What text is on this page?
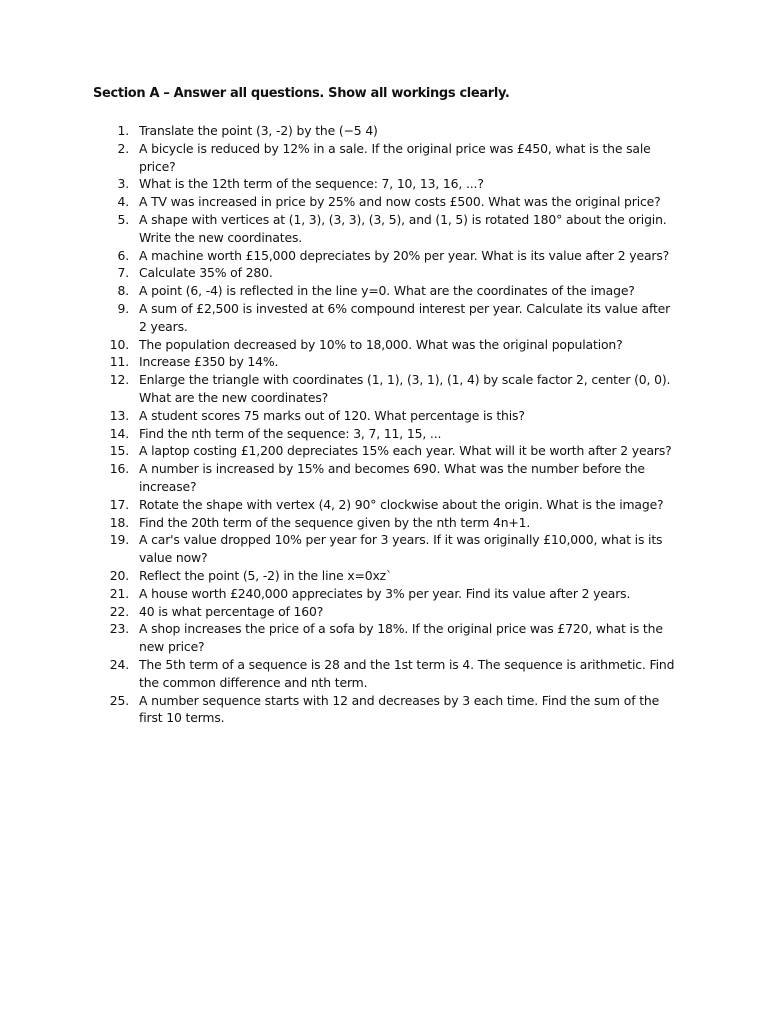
Section A – Answer all questions. Show all workings clearly.
1. Translate the point (3, -2) by the (−5 4)
2. A bicycle is reduced by 12% in a sale. If the original price was £450, what is the sale price?
3. What is the 12th term of the sequence: 7, 10, 13, 16, ...?
4. A TV was increased in price by 25% and now costs £500. What was the original price?
5. A shape with vertices at (1, 3), (3, 3), (3, 5), and (1, 5) is rotated 180° about the origin. Write the new coordinates.
6. A machine worth £15,000 depreciates by 20% per year. What is its value after 2 years?
7. Calculate 35% of 280.
8. A point (6, -4) is reflected in the line y=0. What are the coordinates of the image?
9. A sum of £2,500 is invested at 6% compound interest per year. Calculate its value after 2 years.
10. The population decreased by 10% to 18,000. What was the original population?
11. Increase £350 by 14%.
12. Enlarge the triangle with coordinates (1, 1), (3, 1), (1, 4) by scale factor 2, center (0, 0). What are the new coordinates?
13. A student scores 75 marks out of 120. What percentage is this?
14. Find the nth term of the sequence: 3, 7, 11, 15, ...
15. A laptop costing £1,200 depreciates 15% each year. What will it be worth after 2 years?
16. A number is increased by 15% and becomes 690. What was the number before the increase?
17. Rotate the shape with vertex (4, 2) 90° clockwise about the origin. What is the image?
18. Find the 20th term of the sequence given by the nth term 4n+1.
19. A car's value dropped 10% per year for 3 years. If it was originally £10,000, what is its value now?
20. Reflect the point (5, -2) in the line x=0xz`
21. A house worth £240,000 appreciates by 3% per year. Find its value after 2 years.
22. 40 is what percentage of 160?
23. A shop increases the price of a sofa by 18%. If the original price was £720, what is the new price?
24. The 5th term of a sequence is 28 and the 1st term is 4. The sequence is arithmetic. Find the common difference and nth term.
25. A number sequence starts with 12 and decreases by 3 each time. Find the sum of the first 10 terms.
